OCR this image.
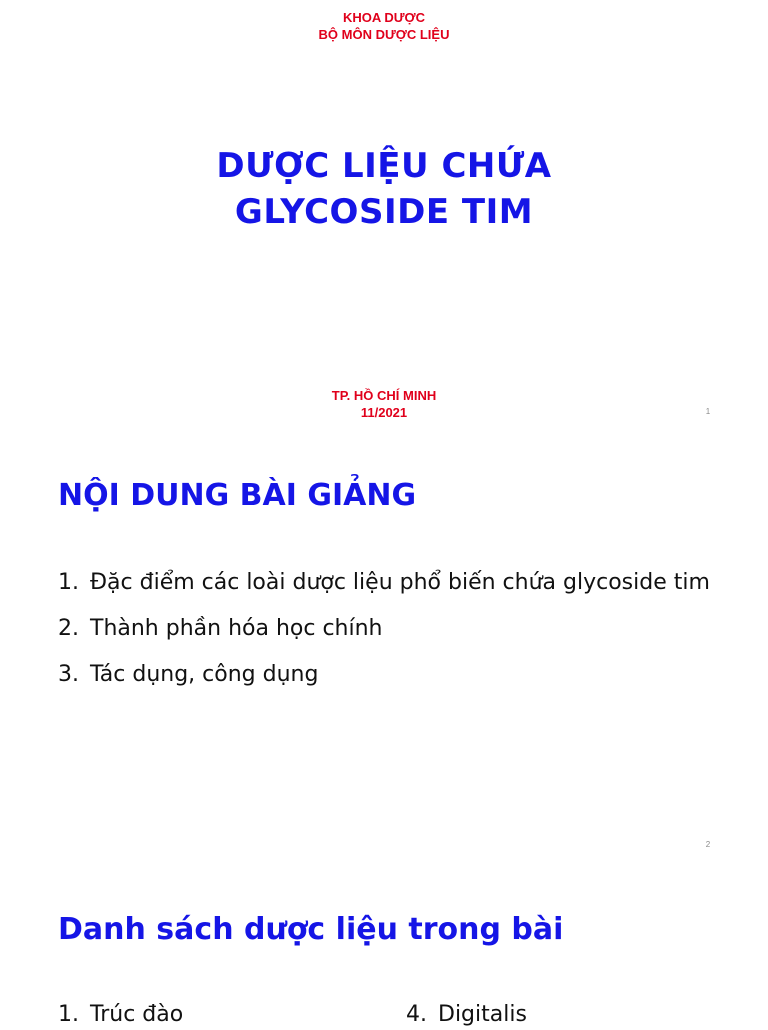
KHOA DƯỢC
BỘ MÔN DƯỢC LIỆU
DƯỢC LIỆU CHỨA
GLYCOSIDE TIM
TP. HỒ CHÍ MINH
11/2021	1
NỘI DUNG BÀI GIẢNG
1. Đặc điểm các loài dược liệu phổ biến chứa glycoside tim
2. Thành phần hóa học chính
3. Tác dụng, công dụng
2
Danh sách dược liệu trong bài
1. Trúc đào	4. Digitalis
